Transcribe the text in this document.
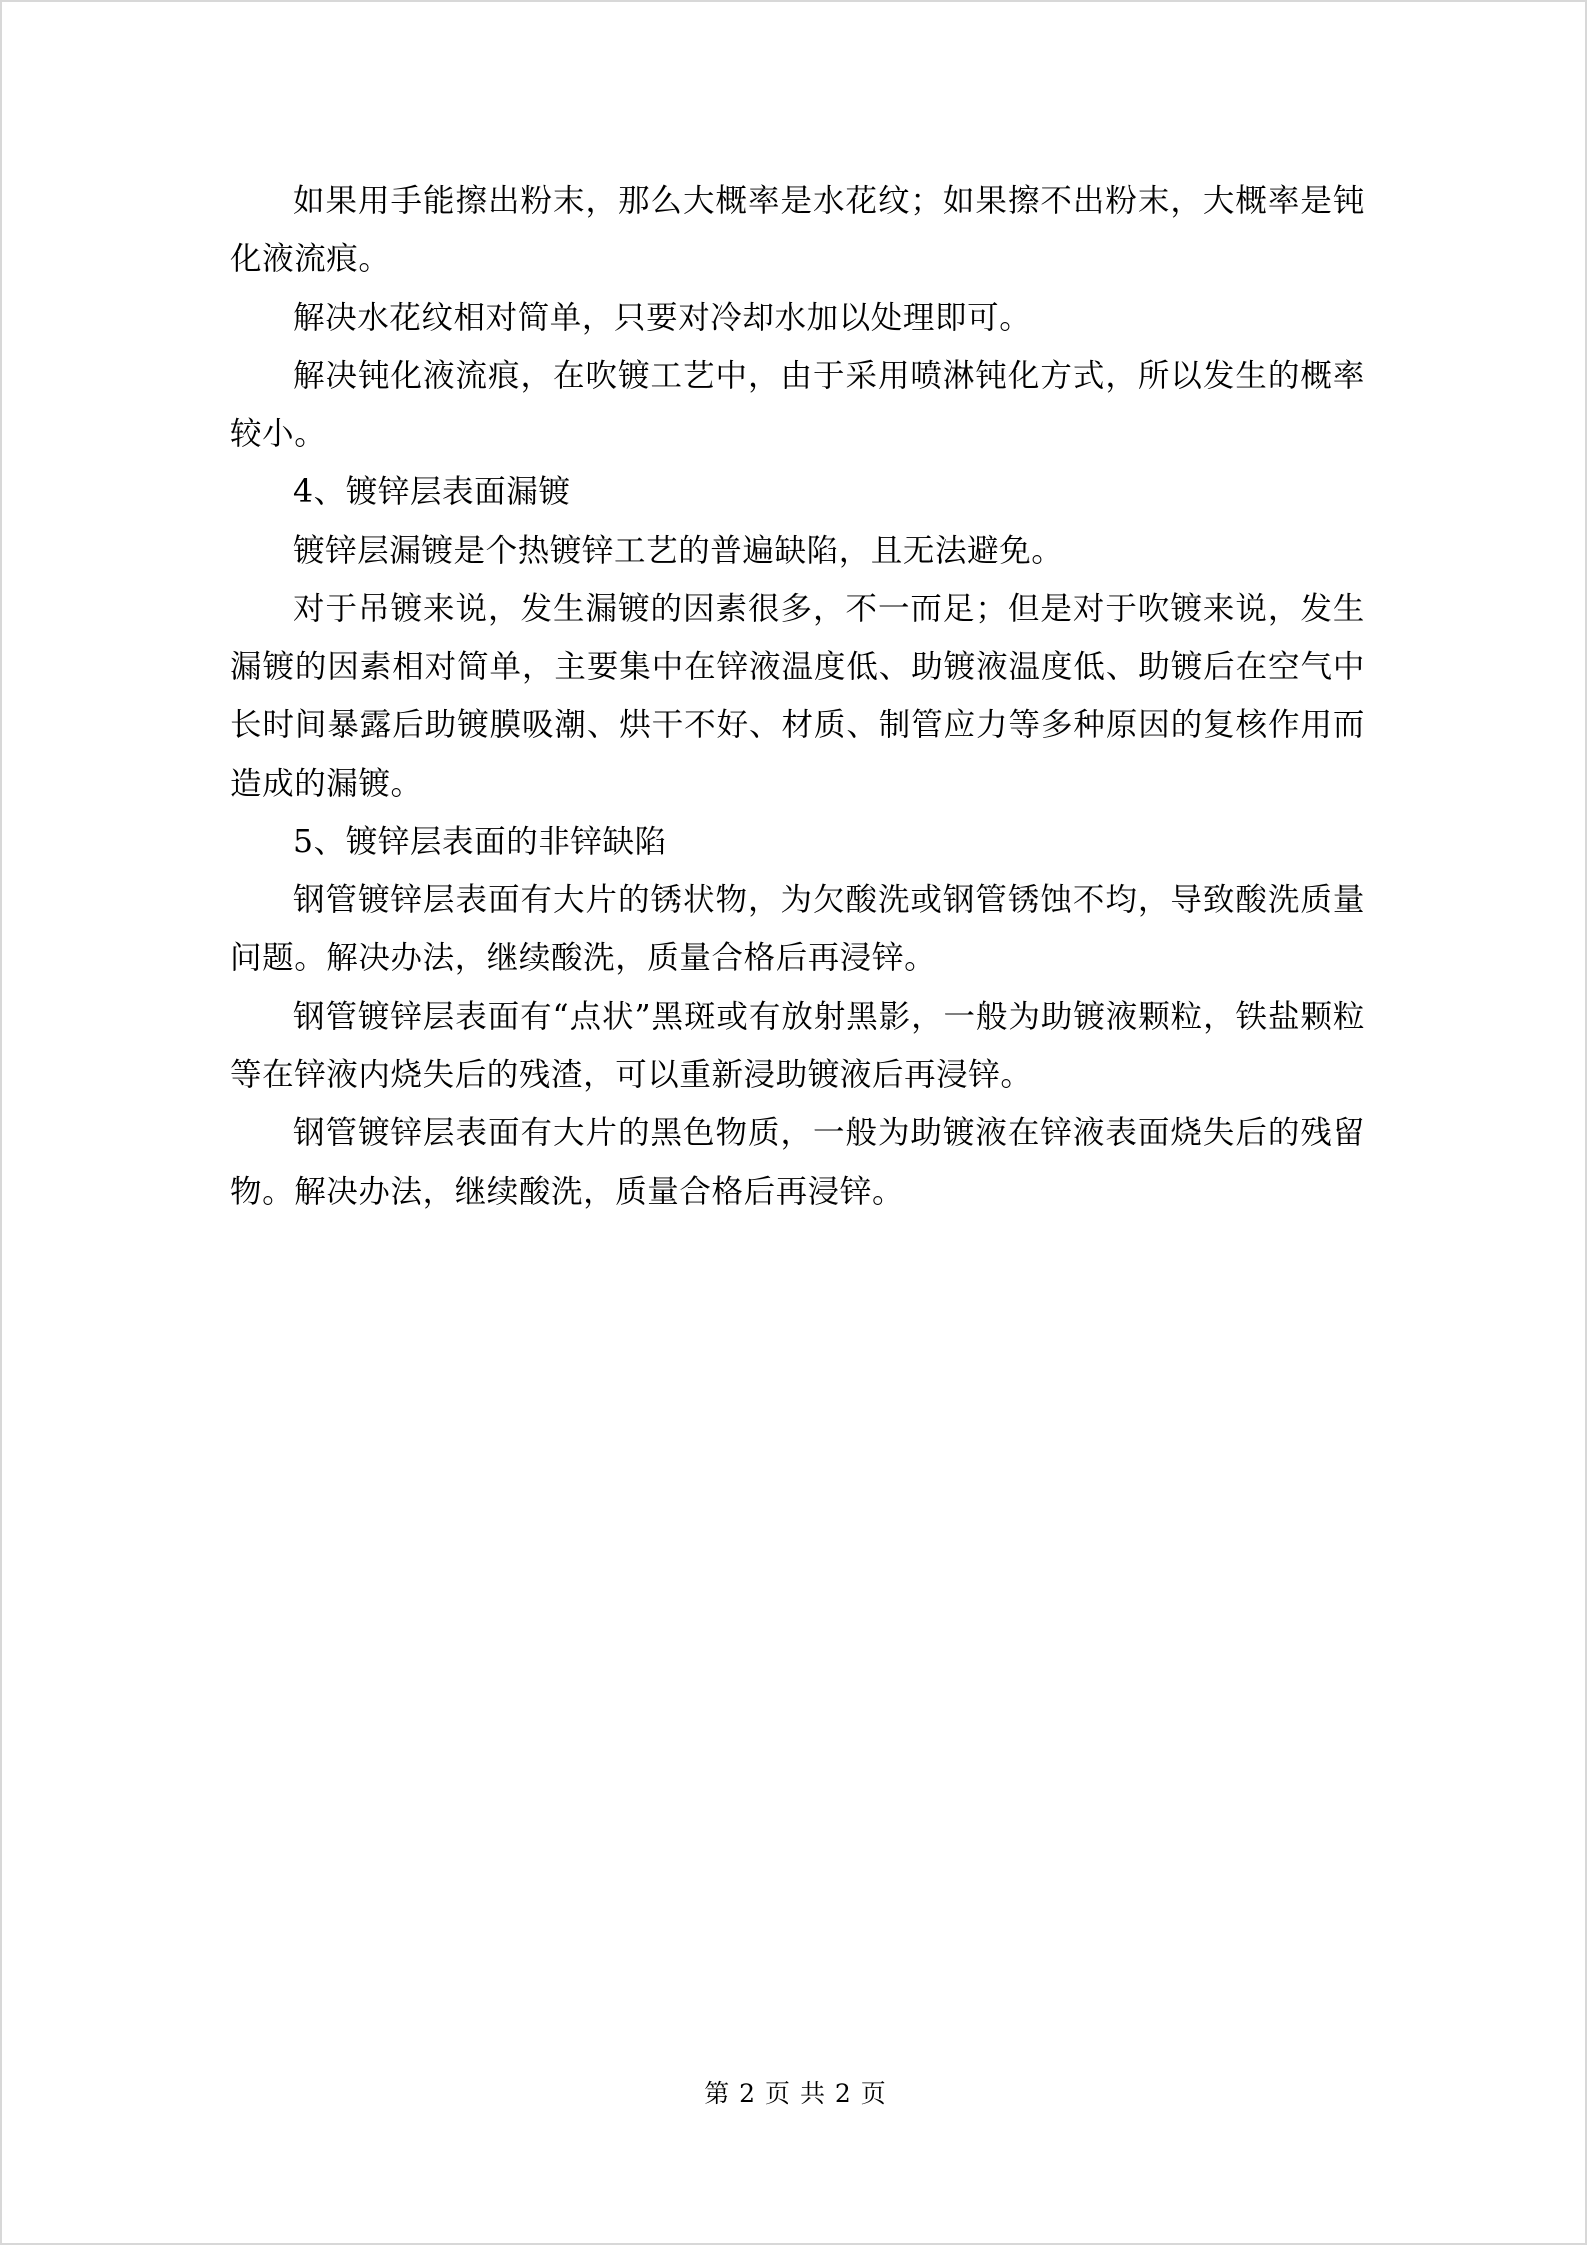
如果用手能擦出粉末，那么大概率是水花纹；如果擦不出粉末，大概率是钝化液流痕。

解决水花纹相对简单，只要对冷却水加以处理即可。

解决钝化液流痕，在吹镀工艺中，由于采用喷淋钝化方式，所以发生的概率较小。

4、镀锌层表面漏镀

镀锌层漏镀是个热镀锌工艺的普遍缺陷，且无法避免。

对于吊镀来说，发生漏镀的因素很多，不一而足；但是对于吹镀来说，发生漏镀的因素相对简单，主要集中在锌液温度低、助镀液温度低、助镀后在空气中长时间暴露后助镀膜吸潮、烘干不好、材质、制管应力等多种原因的复核作用而造成的漏镀。

5、镀锌层表面的非锌缺陷

钢管镀锌层表面有大片的锈状物，为欠酸洗或钢管锈蚀不均，导致酸洗质量问题。解决办法，继续酸洗，质量合格后再浸锌。

钢管镀锌层表面有“点状”黑斑或有放射黑影，一般为助镀液颗粒，铁盐颗粒等在锌液内烧失后的残渣，可以重新浸助镀液后再浸锌。

钢管镀锌层表面有大片的黑色物质，一般为助镀液在锌液表面烧失后的残留物。解决办法，继续酸洗，质量合格后再浸锌。

第 2 页 共 2 页
